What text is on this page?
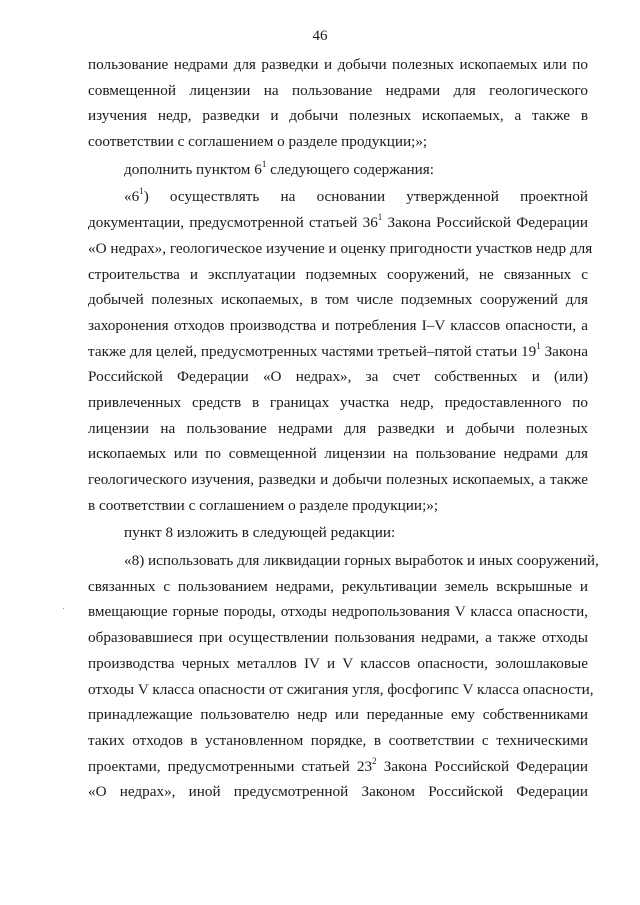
46
·
пользование недрами для разведки и добычи полезных ископаемых или по
совмещенной лицензии на пользование недрами для геологического
изучения недр, разведки и добычи полезных ископаемых, а также в
соответствии с соглашением о разделе продукции;»;
дополнить пунктом $6^1$ следующего содержания:
«$6^1$) осуществлять на основании утвержденной проектной
документации, предусмотренной статьей $36^1$ Закона Российской Федерации
«О недрах», геологическое изучение и оценку пригодности участков недр для
строительства и эксплуатации подземных сооружений, не связанных с
добычей полезных ископаемых, в том числе подземных сооружений для
захоронения отходов производства и потребления I–V классов опасности, а
также для целей, предусмотренных частями третьей–пятой статьи $19^1$ Закона
Российской Федерации «О недрах», за счет собственных и (или)
привлеченных средств в границах участка недр, предоставленного по
лицензии на пользование недрами для разведки и добычи полезных
ископаемых или по совмещенной лицензии на пользование недрами для
геологического изучения, разведки и добычи полезных ископаемых, а также
в соответствии с соглашением о разделе продукции;»;
пункт 8 изложить в следующей редакции:
«8) использовать для ликвидации горных выработок и иных сооружений,
связанных с пользованием недрами, рекультивации земель вскрышные и
вмещающие горные породы, отходы недропользования V класса опасности,
образовавшиеся при осуществлении пользования недрами, а также отходы
производства черных металлов IV и V классов опасности, золошлаковые
отходы V класса опасности от сжигания угля, фосфогипс V класса опасности,
принадлежащие пользователю недр или переданные ему собственниками
таких отходов в установленном порядке, в соответствии с техническими
проектами, предусмотренными статьей $23^2$ Закона Российской Федерации
«О недрах», иной предусмотренной Законом Российской Федерации
